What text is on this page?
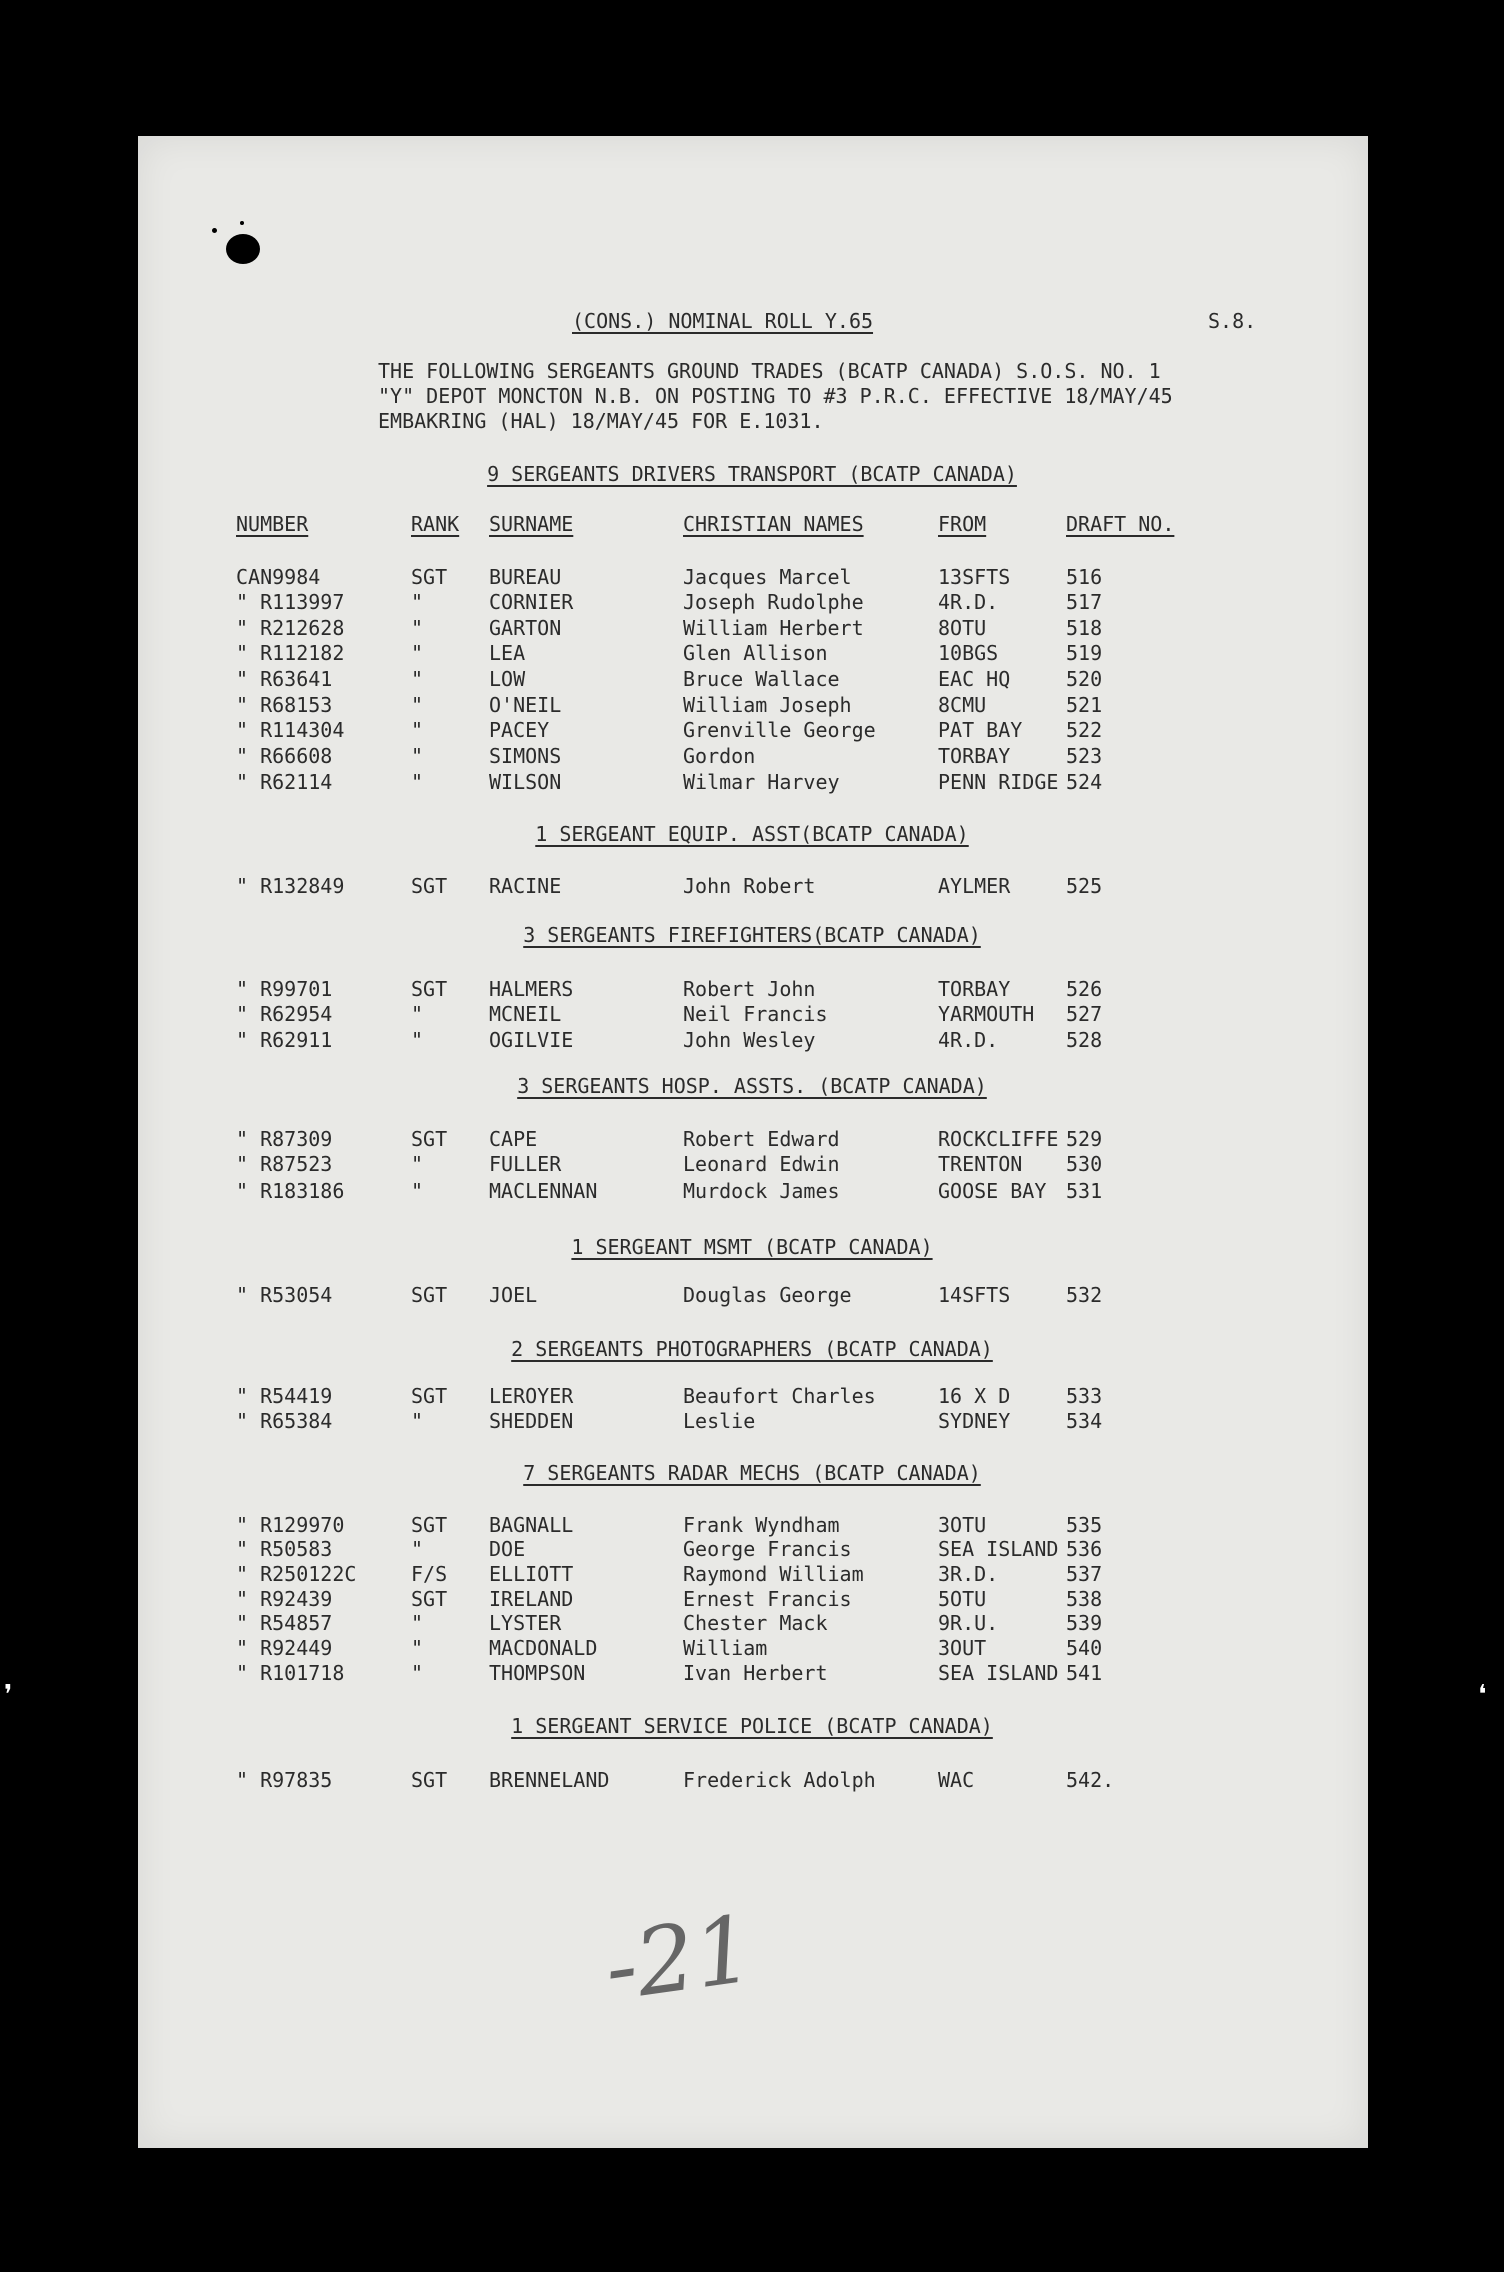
(CONS.) NOMINAL ROLL Y.65	S.8.
THE FOLLOWING SERGEANTS GROUND TRADES (BCATP CANADA) S.O.S. NO. 1
"Y" DEPOT MONCTON N.B. ON POSTING TO #3 P.R.C. EFFECTIVE 18/MAY/45
EMBAKRING (HAL) 18/MAY/45 FOR E.1031.
NUMBER	RANK SURNAME	CHRISTIAN NAMES	FROM	DRAFT NO.
9 SERGEANTS DRIVERS TRANSPORT (BCATP CANADA)
CAN9984	SGT BUREAU	Jacques Marcel	13SFTS	516
" R113997	"	CORNIER	Joseph Rudolphe	4R.D.	517
" R212628	"	GARTON	William Herbert	8OTU	518
" R112182	"	LEA	Glen Allison	10BGS	519
" R63641	"	LOW	Bruce Wallace	EAC HQ	520
" R68153	"	O'NEIL	William Joseph	8CMU	521
" R114304	"	PACEY	Grenville George	PAT BAY 522
" R66608	"	SIMONS	Gordon	TORBAY	523
" R62114	"	WILSON	Wilmar Harvey	PENN RIDGE 524
1 SERGEANT EQUIP. ASST(BCATP CANADA)
" R132849	SGT RACINE	John Robert	AYLMER	525
3 SERGEANTS FIREFIGHTERS(BCATP CANADA)
" R99701	SGT HALMERS	Robert John	TORBAY	526
" R62954	"	MCNEIL	Neil Francis	YARMOUTH 527
" R62911	"	OGILVIE	John Wesley	4R.D.	528
3 SERGEANTS HOSP. ASSTS. (BCATP CANADA)
" R87309	SGT CAPE	Robert Edward	ROCKCLIFFE 529
" R87523	"	FULLER	Leonard Edwin	TRENTON 530
" R183186	"	MACLENNAN	Murdock James	GOOSE BAY 531
1 SERGEANT MSMT (BCATP CANADA)
" R53054	SGT JOEL	Douglas George	14SFTS	532
2 SERGEANTS PHOTOGRAPHERS (BCATP CANADA)
" R54419	SGT LEROYER	Beaufort Charles	16 X D	533
" R65384	"	SHEDDEN	Leslie	SYDNEY	534
7 SERGEANTS RADAR MECHS (BCATP CANADA)
" R129970	SGT BAGNALL	Frank Wyndham	3OTU	535
" R50583	"	DOE	George Francis	SEA ISLAND 536
" R250122C	F/S ELLIOTT	Raymond William	3R.D.	537
" R92439	SGT IRELAND	Ernest Francis	5OTU	538
" R54857	"	LYSTER	Chester Mack	9R.U.	539
" R92449	"	MACDONALD	William	3OUT	540
" R101718	"	THOMPSON	Ivan Herbert	SEA ISLAND 541
1 SERGEANT SERVICE POLICE (BCATP CANADA)
" R97835	SGT BRENNELAND	Frederick Adolph	WAC	542.
-21
❜	❛
